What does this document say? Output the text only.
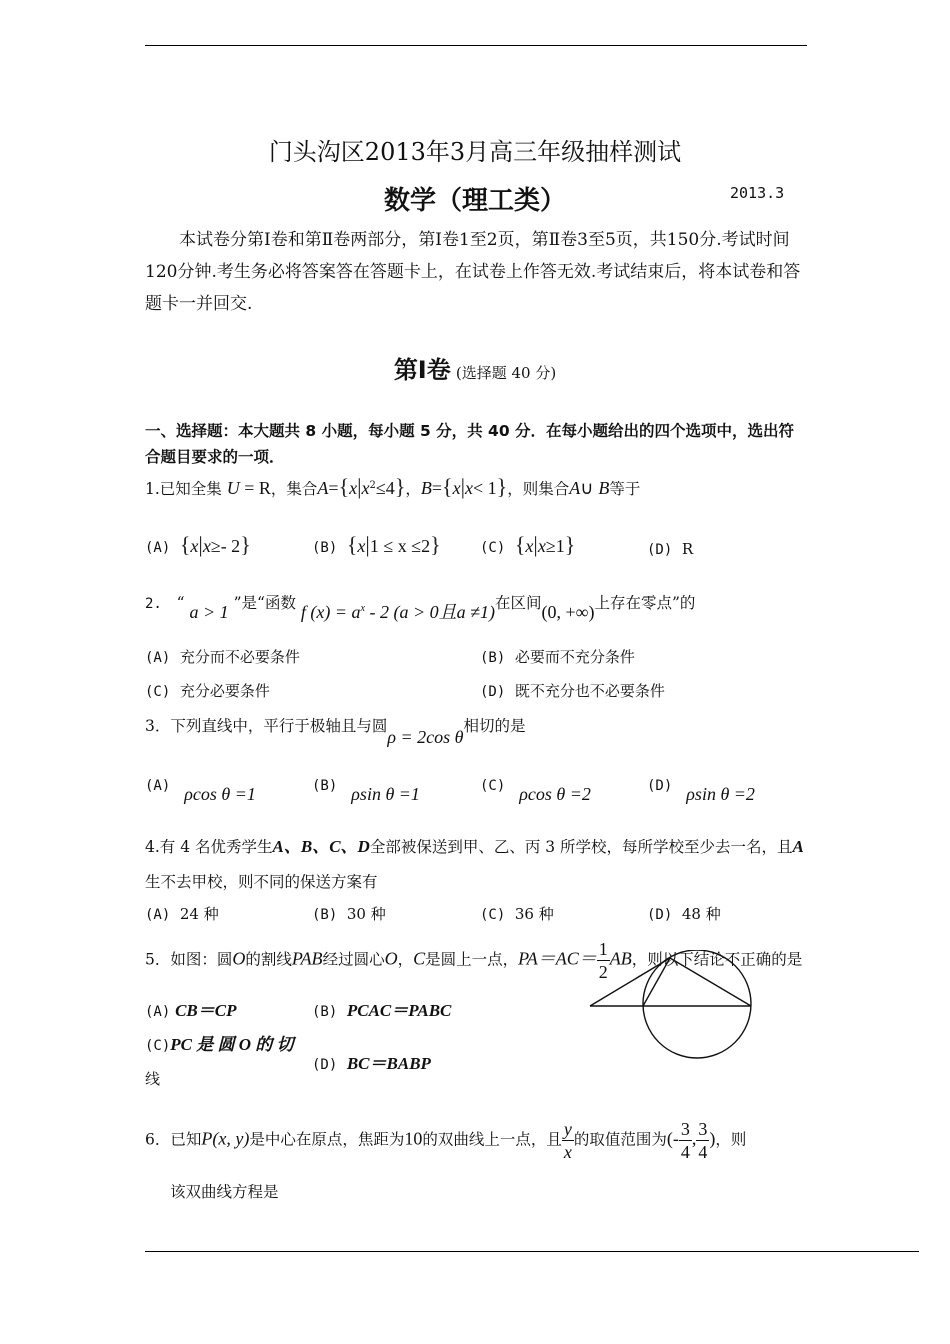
门头沟区2013年3月高三年级抽样测试
数学（理工类）	2013.3
本试卷分第Ⅰ卷和第Ⅱ卷两部分，第Ⅰ卷1至2页，第Ⅱ卷3至5页，共150分.考试时间120分钟.考生务必将答案答在答题卡上，在试卷上作答无效.考试结束后，将本试卷和答题卡一并回交.
第Ⅰ卷 (选择题 40 分)
一、选择题：本大题共 8 小题，每小题 5 分，共 40 分．在每小题给出的四个选项中，选出符合题目要求的一项．
1.已知全集 U = R，集合$A=\{x|x^2\le 4\}$，B={x|x< 1}，则集合A∪ B等于
(A) {x|x≥- 2}	(B) {x|1 ≤ x ≤2}	(C) {x|x≥1}	(D) R
2. “ a > 1 ”是“函数 f $(x) = a^x - 2$ (a > 0且a ≠1)在区间(0, +∞)上存在零点”的
(A) 充分而不必要条件	(B) 必要而不充分条件
(C) 充分必要条件	(D) 既不充分也不必要条件
3．下列直线中，平行于极轴且与圆ρ = 2cos θ相切的是
(A) ρcos θ =1	(B) ρsin θ =1	(C) ρcos θ =2	(D) ρsin θ =2
4.有 4 名优秀学生A、B、C、D全部被保送到甲、乙、丙 3 所学校，每所学校至少去一名，且A
生不去甲校，则不同的保送方案有
(A) 24 种	(B) 30 种	(C) 36 种	(D) 48 种
5．如图：圆O的割线PAB经过圆心O，C是圆上一点，$PA=AC= \frac{1}{2}$ AB，则以下结论不正确的是
(A) CB＝CP	(B) PCAC＝PABC
(C)PC 是 圆 O 的 切
线
(D) BC＝BABP
6．已知P(x, y)是中心在原点，焦距为10的双曲线上一点，且 $\frac{y}{x}$ 的取值范围为(- $\frac{3}{4}$ , $\frac{3}{4}$ )，则
该双曲线方程是
